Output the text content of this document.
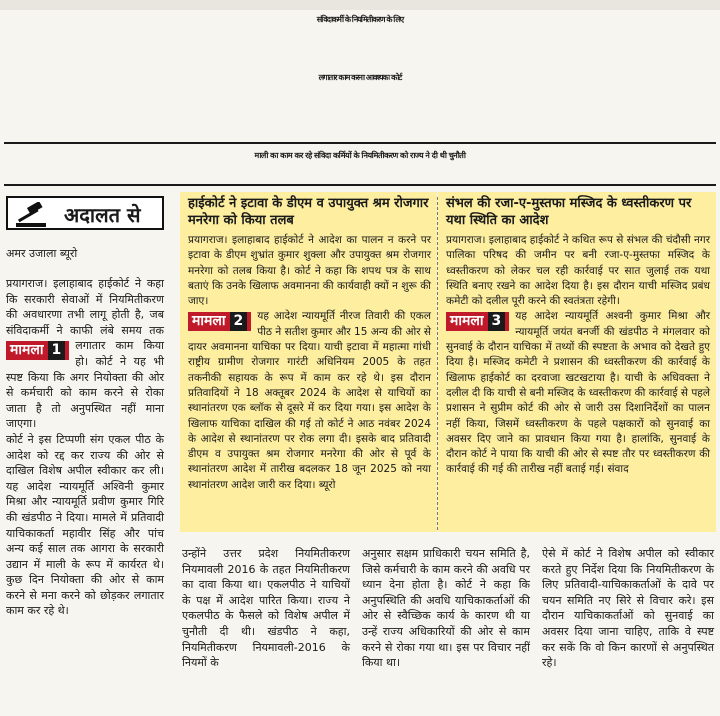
संविदाकर्मी के नियमितीकरण के लिए
लगातार काम करना आवश्यकः कोर्ट
माली का काम कर रहे संविदा कर्मियों के नियमितीकरण को राज्य ने दी थी चुनौती
अदालत से
अमर उजाला ब्यूरो
प्रयागराज। इलाहाबाद हाईकोर्ट ने कहा कि सरकारी सेवाओं में नियमितीकरण की अवधारणा तभी लागू होती है, जब संविदाकर्मी ने काफी लंबे
मामला 1
समय तक लगातार काम किया हो। कोर्ट ने यह भी स्पष्ट किया कि अगर नियोक्ता की ओर से कर्मचारी को काम करने से रोका जाता है तो अनुपस्थित नहीं माना जाएगा।
कोर्ट ने इस टिप्पणी संग एकल पीठ के आदेश को रद्द कर राज्य की ओर से दाखिल विशेष अपील स्वीकार कर ली। यह आदेश न्यायमूर्ति अश्विनी कुमार मिश्रा और न्यायमूर्ति प्रवीण कुमार गिरि की खंडपीठ ने दिया। मामले में प्रतिवादी याचिकाकर्ता महावीर सिंह और पांच अन्य कई साल तक आगरा के सरकारी उद्यान में माली के रूप में कार्यरत थे। कुछ दिन नियोक्ता की ओर से काम करने से मना करने को छोड़कर लगातार काम कर रहे थे।
हाईकोर्ट ने इटावा के डीएम व उपायुक्त श्रम रोजगार मनरेगा को किया तलब
प्रयागराज। इलाहाबाद हाईकोर्ट ने आदेश का पालन न करने पर इटावा के डीएम शुभ्रांत कुमार शुक्ला और उपायुक्त श्रम रोजगार मनरेगा को तलब किया है। कोर्ट ने कहा कि शपथ पत्र के साथ बताएं कि उनके खिलाफ अवमानना की कार्यवाही क्यों न शुरू की जाए।
मामला 2	यह आदेश न्यायमूर्ति नीरज तिवारी की एकल पीठ ने सतीश कुमार और 15 अन्य की ओर से दायर अवमानना याचिका पर दिया। याची इटावा में महात्मा गांधी राष्ट्रीय ग्रामीण रोजगार गारंटी अधिनियम 2005 के तहत तकनीकी सहायक के रूप में काम कर रहे थे। इस दौरान प्रतिवादियों ने 18 अक्तूबर 2024 के आदेश से याचियों का स्थानांतरण एक ब्लॉक से दूसरे में कर दिया गया। इस आदेश के खिलाफ याचिका दाखिल की गई तो कोर्ट ने आठ नवंबर 2024 के आदेश से स्थानांतरण पर रोक लगा दी। इसके बाद प्रतिवादी डीएम व उपायुक्त श्रम रोजगार मनरेगा की ओर से पूर्व के स्थानांतरण आदेश में तारीख बदलकर 18 जून 2025 को नया स्थानांतरण आदेश जारी कर दिया। ब्यूरो
संभल की रजा-ए-मुस्तफा मस्जिद के ध्वस्तीकरण पर यथा स्थिति का आदेश
प्रयागराज। इलाहाबाद हाईकोर्ट ने कथित रूप से संभल की चंदौसी नगर पालिका परिषद की जमीन पर बनी रजा-ए-मुस्तफा मस्जिद के ध्वस्तीकरण को लेकर चल रही कार्रवाई पर सात जुलाई तक यथा स्थिति बनाए रखने का आदेश दिया है। इस दौरान याची मस्जिद प्रबंध कमेटी को दलील पूरी करने की स्वतंत्रता रहेगी।
मामला 3	यह आदेश न्यायमूर्ति अश्वनी कुमार मिश्रा और न्यायमूर्ति जयंत बनर्जी की खंडपीठ ने मंगलवार को सुनवाई के दौरान याचिका में तथ्यों की स्पष्टता के अभाव को देखते हुए दिया है। मस्जिद कमेटी ने प्रशासन की ध्वस्तीकरण की कार्रवाई के खिलाफ हाईकोर्ट का दरवाजा खटखटाया है। याची के अधिवक्ता ने दलील दी कि याची से बनी मस्जिद के ध्वस्तीकरण की कार्रवाई से पहले प्रशासन ने सुप्रीम कोर्ट की ओर से जारी उस दिशानिर्देशों का पालन नहीं किया, जिसमें ध्वस्तीकरण के पहले पक्षकारों को सुनवाई का अवसर दिए जाने का प्रावधान किया गया है। हालांकि, सुनवाई के दौरान कोर्ट ने पाया कि याची की ओर से स्पष्ट तौर पर ध्वस्तीकरण की कार्रवाई की गई की तारीख नहीं बताई गई। संवाद
उन्होंने उत्तर प्रदेश नियमितीकरण नियमावली 2016 के तहत नियमितीकरण का दावा किया था। एकलपीठ ने याचियों के पक्ष में आदेश पारित किया। राज्य ने एकलपीठ के फैसले को विशेष अपील में चुनौती दी थी। खंडपीठ ने कहा, नियमितीकरण नियमावली-2016 के नियमों के
अनुसार सक्षम प्राधिकारी चयन समिति है, जिसे कर्मचारी के काम करने की अवधि पर ध्यान देना होता है। कोर्ट ने कहा कि अनुपस्थिति की अवधि याचिकाकर्ताओं की ओर से स्वैच्छिक कार्य के कारण थी या उन्हें राज्य अधिकारियों की ओर से काम करने से रोका गया था। इस पर विचार नहीं किया था।
ऐसे में कोर्ट ने विशेष अपील को स्वीकार करते हुए निर्देश दिया कि नियमितीकरण के लिए प्रतिवादी-याचिकाकर्ताओं के दावे पर चयन समिति नए सिरे से विचार करे। इस दौरान याचिकाकर्ताओं को सुनवाई का अवसर दिया जाना चाहिए, ताकि वे स्पष्ट कर सकें कि वो किन कारणों से अनुपस्थित रहे।
